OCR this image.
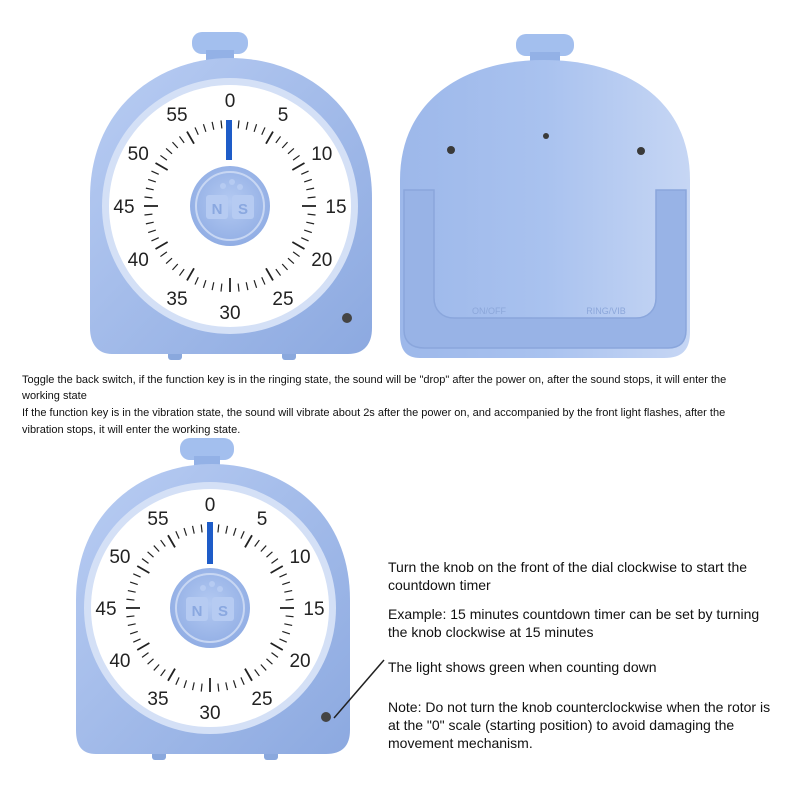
0
5
10
15
20
25
30
35
40
45
50
55
N S
ON/OFF	RING/VIB
Toggle the back switch, if the function key is in the ringing state, the sound will be "drop" after the power on, after the sound stops, it will enter the
working state
If the function key is in the vibration state, the sound will vibrate about 2s after the power on, and accompanied by the front light flashes, after the
vibration stops, it will enter the working state.
0
5
10
15
20
25
30
35
40
45
50
55
N S
Turn the knob on the front of the dial clockwise to start the countdown timer
Example: 15 minutes countdown timer can be set by turning the knob clockwise at 15 minutes
The light shows green when counting down
Note: Do not turn the knob counterclockwise when the rotor is at the "0" scale (starting position) to avoid damaging the movement mechanism.
